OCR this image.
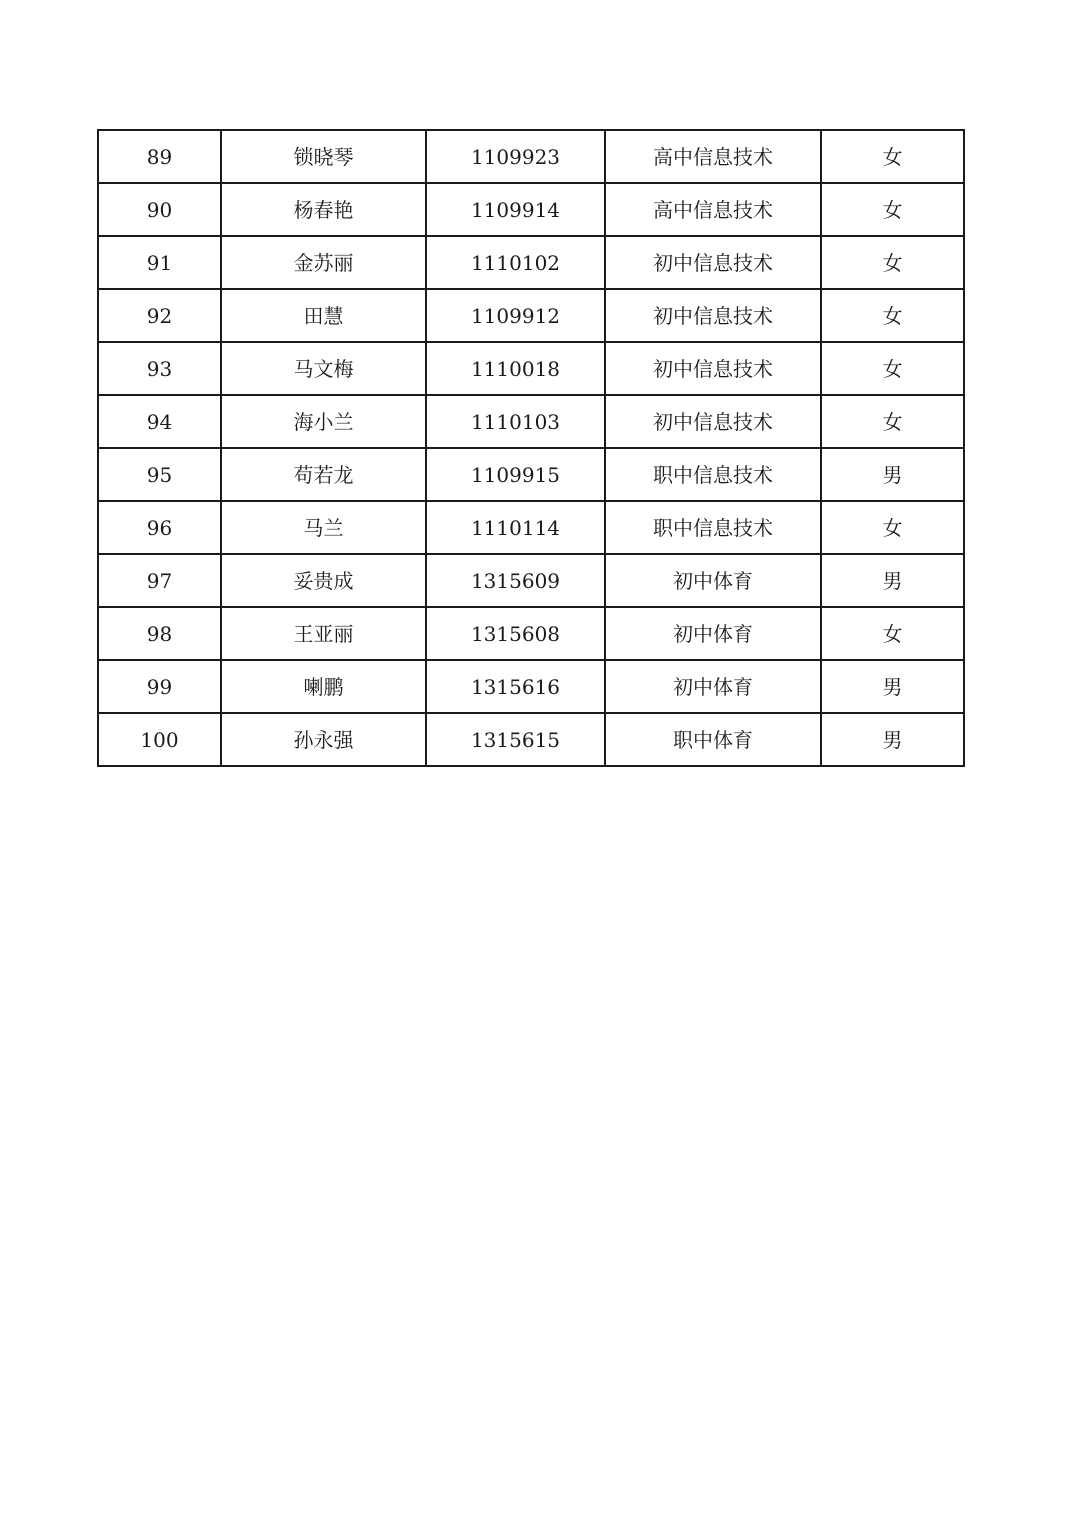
89	锁晓琴	1109923	高中信息技术	女
90	杨春艳	1109914	高中信息技术	女
91	金苏丽	1110102	初中信息技术	女
92	田慧	1109912	初中信息技术	女
93	马文梅	1110018	初中信息技术	女
94	海小兰	1110103	初中信息技术	女
95	苟若龙	1109915	职中信息技术	男
96	马兰	1110114	职中信息技术	女
97	妥贵成	1315609	初中体育	男
98	王亚丽	1315608	初中体育	女
99	喇鹏	1315616	初中体育	男
100	孙永强	1315615	职中体育	男
